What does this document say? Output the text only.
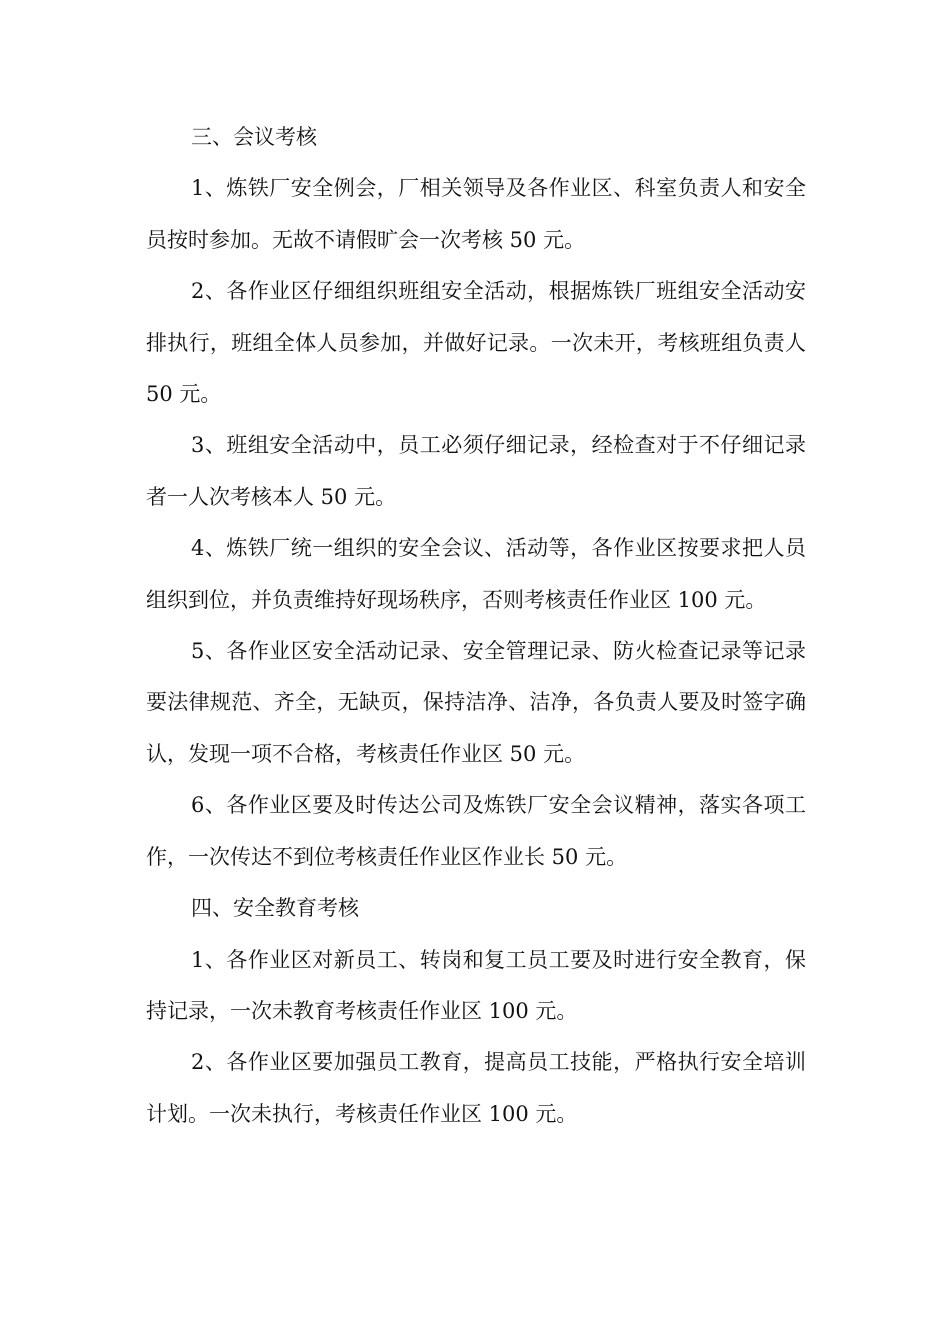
三、会议考核

1、炼铁厂安全例会，厂相关领导及各作业区、科室负责人和安全员按时参加。无故不请假旷会一次考核 50 元。

2、各作业区仔细组织班组安全活动，根据炼铁厂班组安全活动安排执行，班组全体人员参加，并做好记录。一次未开，考核班组负责人 50 元。

3、班组安全活动中，员工必须仔细记录，经检查对于不仔细记录者一人次考核本人 50 元。

4、炼铁厂统一组织的安全会议、活动等，各作业区按要求把人员组织到位，并负责维持好现场秩序，否则考核责任作业区 100 元。

5、各作业区安全活动记录、安全管理记录、防火检查记录等记录要法律规范、齐全，无缺页，保持洁净、洁净，各负责人要及时签字确认，发现一项不合格，考核责任作业区 50 元。

6、各作业区要及时传达公司及炼铁厂安全会议精神，落实各项工作，一次传达不到位考核责任作业区作业长 50 元。

四、安全教育考核

1、各作业区对新员工、转岗和复工员工要及时进行安全教育，保持记录，一次未教育考核责任作业区 100 元。

2、各作业区要加强员工教育，提高员工技能，严格执行安全培训计划。一次未执行，考核责任作业区 100 元。
